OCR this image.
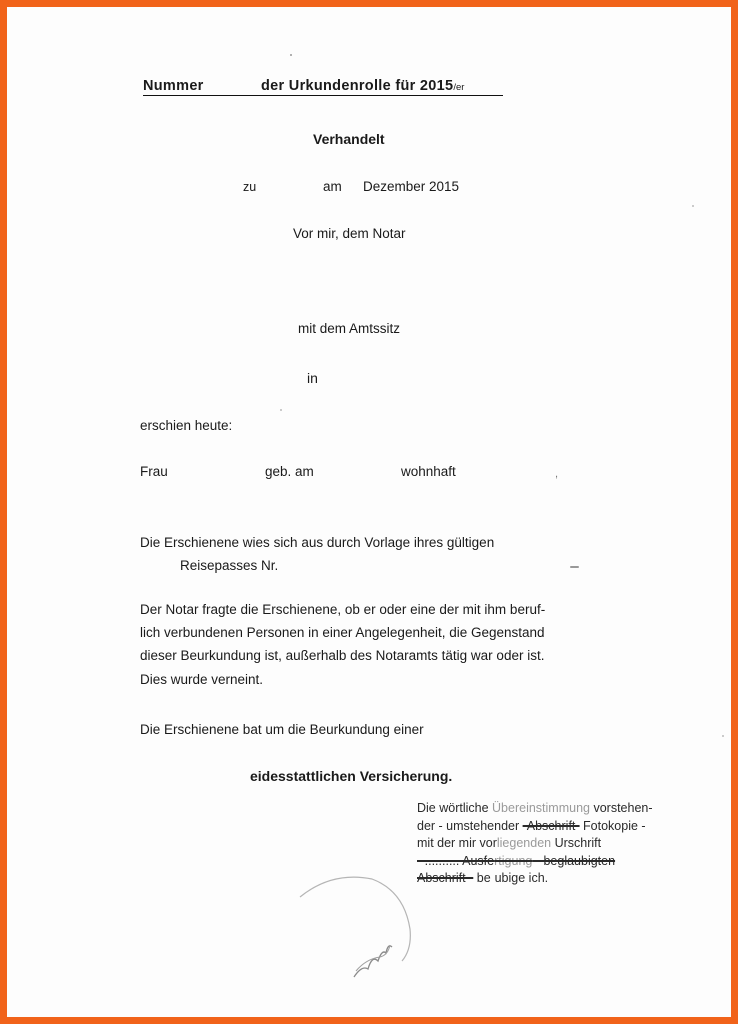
Nummer	der Urkundenrolle für 2015/er

Verhandelt
zu	am Dezember 2015
Vor mir, dem Notar
mit dem Amtssitz
in
erschien heute:
Frau	geb. am	wohnhaft	,
Die Erschienene wies sich aus durch Vorlage ihres gültigen
Reisepasses Nr.
Der Notar fragte die Erschienene, ob er oder eine der mit ihm beruf-
lich verbundenen Personen in einer Angelegenheit, die Gegenstand
dieser Beurkundung ist, außerhalb des Notaramts tätig war oder ist.
Dies wurde verneint.
Die Erschienene bat um die Beurkundung einer
eidesstattlichen Versicherung.
Die wörtliche Übereinstimmung vorstehen-
der - umstehender -Abschrift- Fotokopie -
mit der mir vorliegenden Urschrift
- .......... Ausfertigung - beglaubigten
Abschrift - be ubige ich.
